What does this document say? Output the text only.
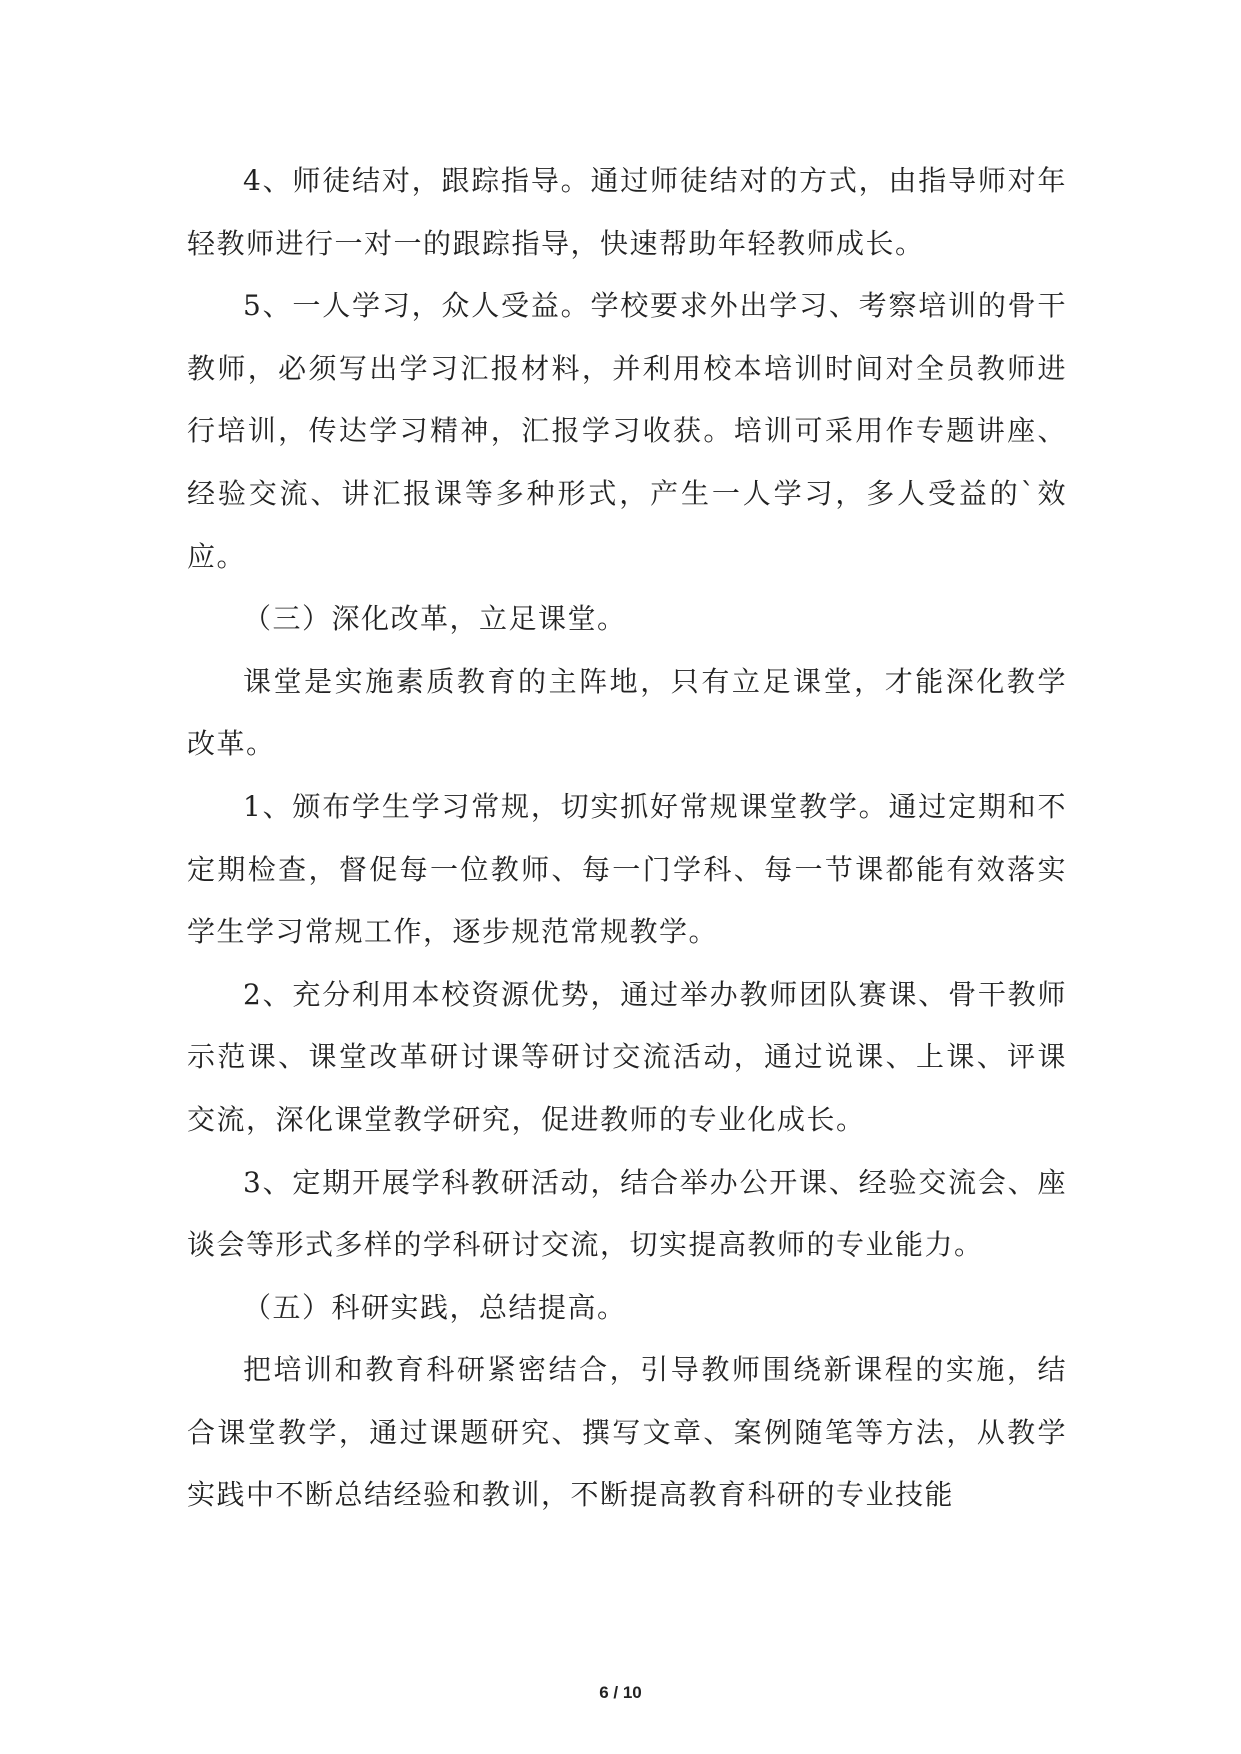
4、师徒结对，跟踪指导。通过师徒结对的方式，由指导师对年轻教师进行一对一的跟踪指导，快速帮助年轻教师成长。

5、一人学习，众人受益。学校要求外出学习、考察培训的骨干教师，必须写出学习汇报材料，并利用校本培训时间对全员教师进行培训，传达学习精神，汇报学习收获。培训可采用作专题讲座、经验交流、讲汇报课等多种形式，产生一人学习，多人受益的`效应。

（三）深化改革，立足课堂。

课堂是实施素质教育的主阵地，只有立足课堂，才能深化教学改革。

1、颁布学生学习常规，切实抓好常规课堂教学。通过定期和不定期检查，督促每一位教师、每一门学科、每一节课都能有效落实学生学习常规工作，逐步规范常规教学。

2、充分利用本校资源优势，通过举办教师团队赛课、骨干教师示范课、课堂改革研讨课等研讨交流活动，通过说课、上课、评课交流，深化课堂教学研究，促进教师的专业化成长。

3、定期开展学科教研活动，结合举办公开课、经验交流会、座谈会等形式多样的学科研讨交流，切实提高教师的专业能力。

（五）科研实践，总结提高。

把培训和教育科研紧密结合，引导教师围绕新课程的实施，结合课堂教学，通过课题研究、撰写文章、案例随笔等方法，从教学实践中不断总结经验和教训，不断提高教育科研的专业技能

6 / 10
